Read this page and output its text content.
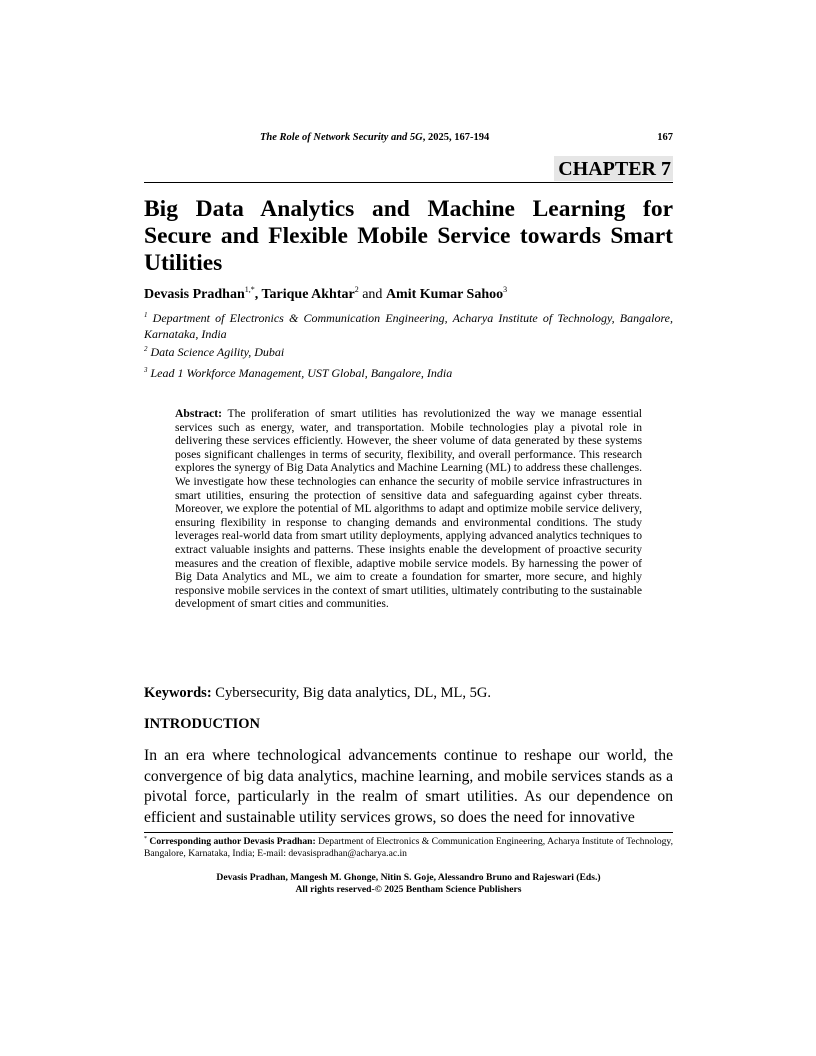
The Role of Network Security and 5G, 2025, 167-194	167
CHAPTER 7
Big Data Analytics and Machine Learning for Secure and Flexible Mobile Service towards Smart Utilities
Devasis Pradhan$^{1,*}$, Tarique Akhtar$^2$ and Amit Kumar Sahoo$^3$
$^1$ Department of Electronics & Communication Engineering, Acharya Institute of Technology, Bangalore, Karnataka, India
$^2$ Data Science Agility, Dubai
$^3$ Lead 1 Workforce Management, UST Global, Bangalore, India

Abstract: The proliferation of smart utilities has revolutionized the way we manage essential services such as energy, water, and transportation. Mobile technologies play a pivotal role in delivering these services efficiently. However, the sheer volume of data generated by these systems poses significant challenges in terms of security, flexibility, and overall performance. This research explores the synergy of Big Data Analytics and Machine Learning (ML) to address these challenges. We investigate how these technologies can enhance the security of mobile service infrastructures in smart utilities, ensuring the protection of sensitive data and safeguarding against cyber threats. Moreover, we explore the potential of ML algorithms to adapt and optimize mobile service delivery, ensuring flexibility in response to changing demands and environmental conditions. The study leverages real-world data from smart utility deployments, applying advanced analytics techniques to extract valuable insights and patterns. These insights enable the development of proactive security measures and the creation of flexible, adaptive mobile service models. By harnessing the power of Big Data Analytics and ML, we aim to create a foundation for smarter, more secure, and highly responsive mobile services in the context of smart utilities, ultimately contributing to the sustainable development of smart cities and communities.

Keywords: Cybersecurity, Big data analytics, DL, ML, 5G.
INTRODUCTION

In an era where technological advancements continue to reshape our world, the convergence of big data analytics, machine learning, and mobile services stands as a pivotal force, particularly in the realm of smart utilities. As our dependence on efficient and sustainable utility services grows, so does the need for innovative

* Corresponding author Devasis Pradhan: Department of Electronics & Communication Engineering, Acharya Institute of Technology, Bangalore, Karnataka, India; E-mail: devasispradhan@acharya.ac.in

Devasis Pradhan, Mangesh M. Ghonge, Nitin S. Goje, Alessandro Bruno and Rajeswari (Eds.)
All rights reserved-© 2025 Bentham Science Publishers
